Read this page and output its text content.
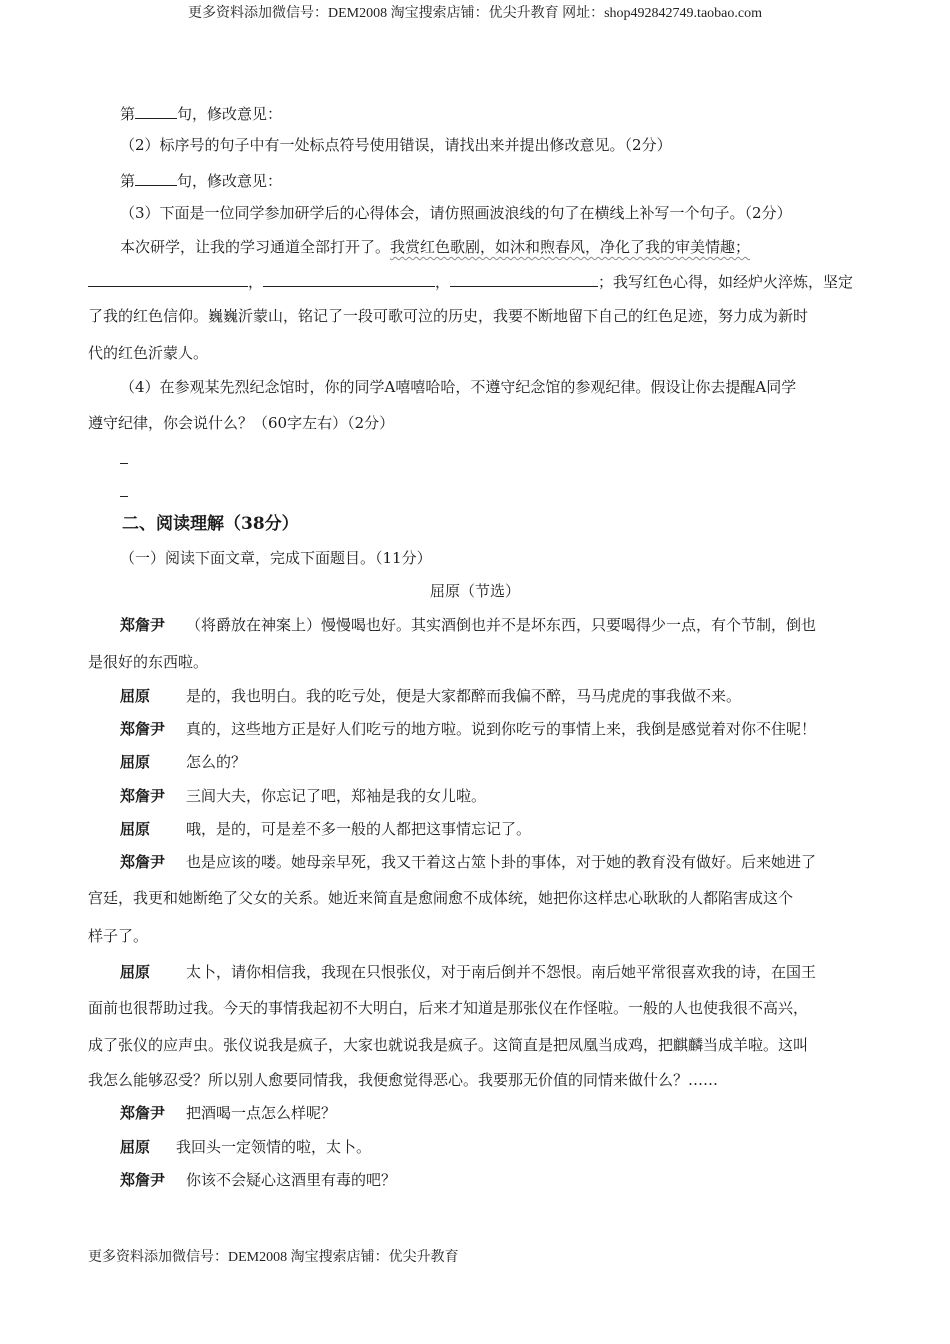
更多资料添加微信号：DEM2008 淘宝搜索店铺：优尖升教育 网址：shop492842749.taobao.com
第	句，修改意见：
（2）标序号的句子中有一处标点符号使用错误，请找出来并提出修改意见。（2分）
第	句，修改意见：
（3）下面是一位同学参加研学后的心得体会，请仿照画波浪线的句了在横线上补写一个句子。（2分）
本次研学，让我的学习通道全部打开了。我赏红色歌剧，如沐和煦春风，净化了我的审美情趣；
，	，	；我写红色心得，如经炉火淬炼，坚定
了我的红色信仰。巍巍沂蒙山，铭记了一段可歌可泣的历史，我要不断地留下自己的红色足迹，努力成为新时
代的红色沂蒙人。
（4）在参观某先烈纪念馆时，你的同学A嘻嘻哈哈，不遵守纪念馆的参观纪律。假设让你去提醒A同学
遵守纪律，你会说什么？（60字左右）（2分）
二、阅读理解（38分）
（一）阅读下面文章，完成下面题目。（11分）
屈原（节选）
郑詹尹 （将爵放在神案上）慢慢喝也好。其实酒倒也并不是坏东西，只要喝得少一点，有个节制，倒也
是很好的东西啦。
屈原 是的，我也明白。我的吃亏处，便是大家都醉而我偏不醉，马马虎虎的事我做不来。
郑詹尹 真的，这些地方正是好人们吃亏的地方啦。说到你吃亏的事情上来，我倒是感觉着对你不住呢！
屈原 怎么的？
郑詹尹 三闾大夫，你忘记了吧，郑袖是我的女儿啦。
屈原 哦，是的，可是差不多一般的人都把这事情忘记了。
郑詹尹 也是应该的喽。她母亲早死，我又干着这占筮卜卦的事体，对于她的教育没有做好。后来她进了
宫廷，我更和她断绝了父女的关系。她近来简直是愈闹愈不成体统，她把你这样忠心耿耿的人都陷害成这个
样子了。
屈原 太卜，请你相信我，我现在只恨张仪，对于南后倒并不怨恨。南后她平常很喜欢我的诗，在国王
面前也很帮助过我。今天的事情我起初不大明白，后来才知道是那张仪在作怪啦。一般的人也使我很不高兴，
成了张仪的应声虫。张仪说我是疯子，大家也就说我是疯子。这简直是把凤凰当成鸡，把麒麟当成羊啦。这叫
我怎么能够忍受？所以别人愈要同情我，我便愈觉得恶心。我要那无价值的同情来做什么？……
郑詹尹 把酒喝一点怎么样呢？
屈原 我回头一定领情的啦，太卜。
郑詹尹 你该不会疑心这酒里有毒的吧？
更多资料添加微信号：DEM2008 淘宝搜索店铺：优尖升教育
